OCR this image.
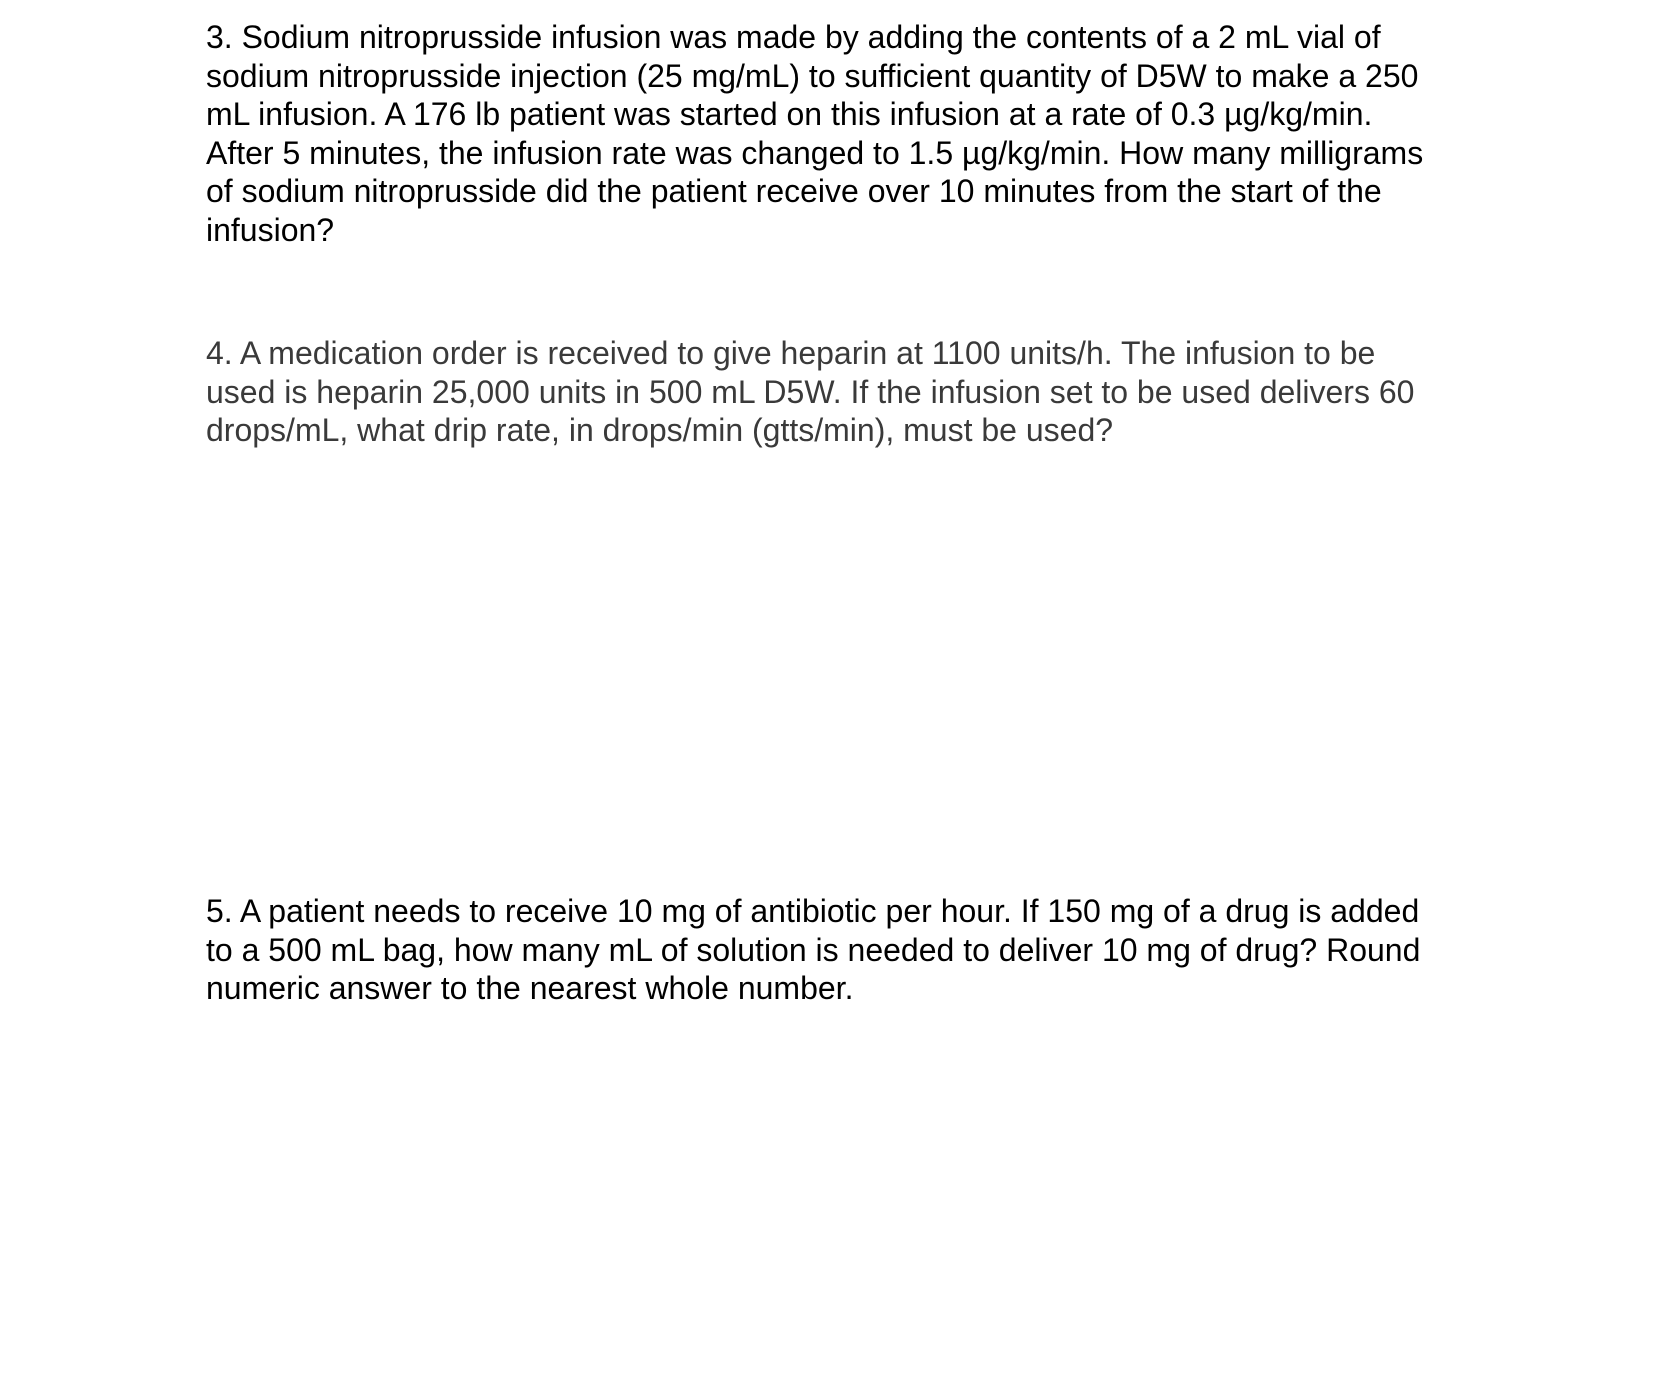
3. Sodium nitroprusside infusion was made by adding the contents of a 2 mL vial of
sodium nitroprusside injection (25 mg/mL) to sufficient quantity of D5W to make a 250
mL infusion. A 176 lb patient was started on this infusion at a rate of 0.3 µg/kg/min.
After 5 minutes, the infusion rate was changed to 1.5 µg/kg/min. How many milligrams
of sodium nitroprusside did the patient receive over 10 minutes from the start of the
infusion?
4. A medication order is received to give heparin at 1100 units/h. The infusion to be
used is heparin 25,000 units in 500 mL D5W. If the infusion set to be used delivers 60
drops/mL, what drip rate, in drops/min (gtts/min), must be used?
5. A patient needs to receive 10 mg of antibiotic per hour. If 150 mg of a drug is added
to a 500 mL bag, how many mL of solution is needed to deliver 10 mg of drug? Round
numeric answer to the nearest whole number.
